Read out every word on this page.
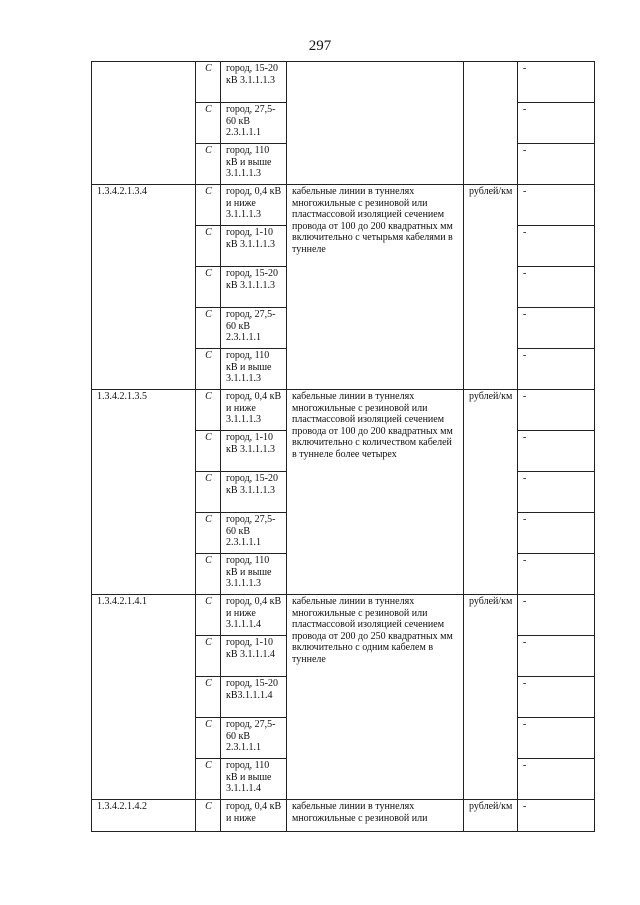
297
	С	город, 15-20 кВ 3.1.1.1.3			-
	С	город, 27,5-60 кВ 2.3.1.1.1			-
	С	город, 110 кВ и выше 3.1.1.1.3			-
1.3.4.2.1.3.4	С	город, 0,4 кВ и ниже 3.1.1.1.3	кабельные линии в туннелях многожильные с резиновой или пластмассовой изоляцией сечением провода от 100 до 200 квадратных мм включительно с четырьмя кабелями в туннеле	рублей/км	-
	С	город, 1-10 кВ 3.1.1.1.3			-
	С	город, 15-20 кВ 3.1.1.1.3			-
	С	город, 27,5-60 кВ 2.3.1.1.1			-
	С	город, 110 кВ и выше 3.1.1.1.3			-
1.3.4.2.1.3.5	С	город, 0,4 кВ и ниже 3.1.1.1.3	кабельные линии в туннелях многожильные с резиновой или пластмассовой изоляцией сечением провода от 100 до 200 квадратных мм включительно с количеством кабелей в туннеле более четырех	рублей/км	-
	С	город, 1-10 кВ 3.1.1.1.3			-
	С	город, 15-20 кВ 3.1.1.1.3			-
	С	город, 27,5-60 кВ 2.3.1.1.1			-
	С	город, 110 кВ и выше 3.1.1.1.3			-
1.3.4.2.1.4.1	С	город, 0,4 кВ и ниже 3.1.1.1.4	кабельные линии в туннелях многожильные с резиновой или пластмассовой изоляцией сечением провода от 200 до 250 квадратных мм включительно с одним кабелем в туннеле	рублей/км	-
	С	город, 1-10 кВ 3.1.1.1.4			-
	С	город, 15-20 кВ3.1.1.1.4			-
	С	город, 27,5-60 кВ 2.3.1.1.1			-
	С	город, 110 кВ и выше 3.1.1.1.4			-
1.3.4.2.1.4.2	С	город, 0,4 кВ и ниже	кабельные линии в туннелях многожильные с резиновой или	рублей/км	-
